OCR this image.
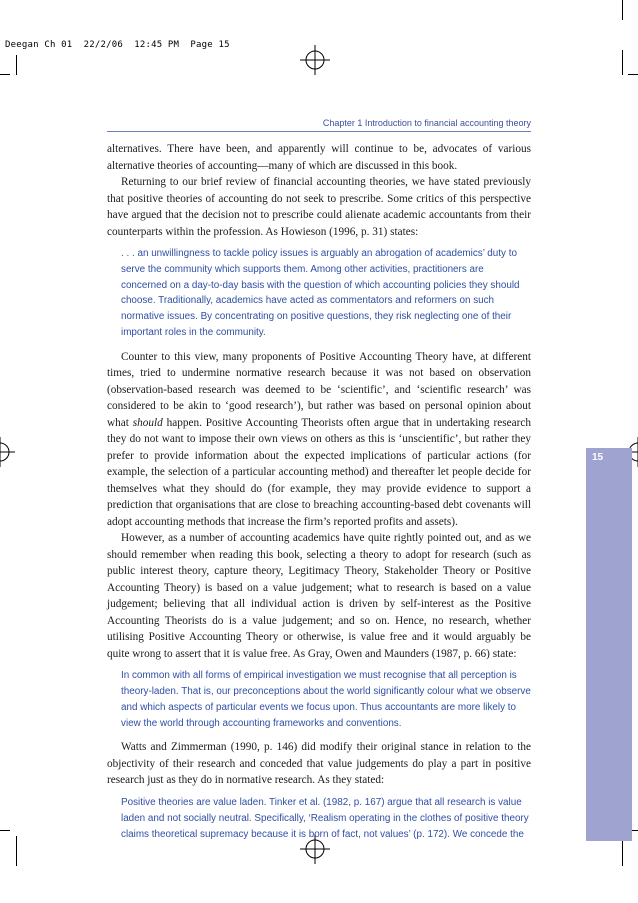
Deegan Ch 01  22/2/06  12:45 PM  Page 15
Chapter 1 Introduction to financial accounting theory

alternatives. There have been, and apparently will continue to be, advocates of various alternative theories of accounting—many of which are discussed in this book.

Returning to our brief review of financial accounting theories, we have stated previously that positive theories of accounting do not seek to prescribe. Some critics of this perspective have argued that the decision not to prescribe could alienate academic accountants from their counterparts within the profession. As Howieson (1996, p. 31) states:

. . . an unwillingness to tackle policy issues is arguably an abrogation of academics’ duty to serve the community which supports them. Among other activities, practitioners are concerned on a day-to-day basis with the question of which accounting policies they should choose. Traditionally, academics have acted as commentators and reformers on such normative issues. By concentrating on positive questions, they risk neglecting one of their important roles in the community.

Counter to this view, many proponents of Positive Accounting Theory have, at different times, tried to undermine normative research because it was not based on observation (observation-based research was deemed to be ‘scientific’, and ‘scientific research’ was considered to be akin to ‘good research’), but rather was based on personal opinion about what should happen. Positive Accounting Theorists often argue that in undertaking research they do not want to impose their own views on others as this is ‘unscientific’, but rather they prefer to provide information about the expected implications of particular actions (for example, the selection of a particular accounting method) and thereafter let people decide for themselves what they should do (for example, they may provide evidence to support a prediction that organisations that are close to breaching accounting-based debt covenants will adopt accounting methods that increase the firm’s reported profits and assets).

However, as a number of accounting academics have quite rightly pointed out, and as we should remember when reading this book, selecting a theory to adopt for research (such as public interest theory, capture theory, Legitimacy Theory, Stakeholder Theory or Positive Accounting Theory) is based on a value judgement; what to research is based on a value judgement; believing that all individual action is driven by self-interest as the Positive Accounting Theorists do is a value judgement; and so on. Hence, no research, whether utilising Positive Accounting Theory or otherwise, is value free and it would arguably be quite wrong to assert that it is value free. As Gray, Owen and Maunders (1987, p. 66) state:

In common with all forms of empirical investigation we must recognise that all perception is theory-laden. That is, our preconceptions about the world significantly colour what we observe and which aspects of particular events we focus upon. Thus accountants are more likely to view the world through accounting frameworks and conventions.

Watts and Zimmerman (1990, p. 146) did modify their original stance in relation to the objectivity of their research and conceded that value judgements do play a part in positive research just as they do in normative research. As they stated:

Positive theories are value laden. Tinker et al. (1982, p. 167) argue that all research is value laden and not socially neutral. Specifically, ‘Realism operating in the clothes of positive theory claims theoretical supremacy because it is born of fact, not values’ (p. 172). We concede the
15
